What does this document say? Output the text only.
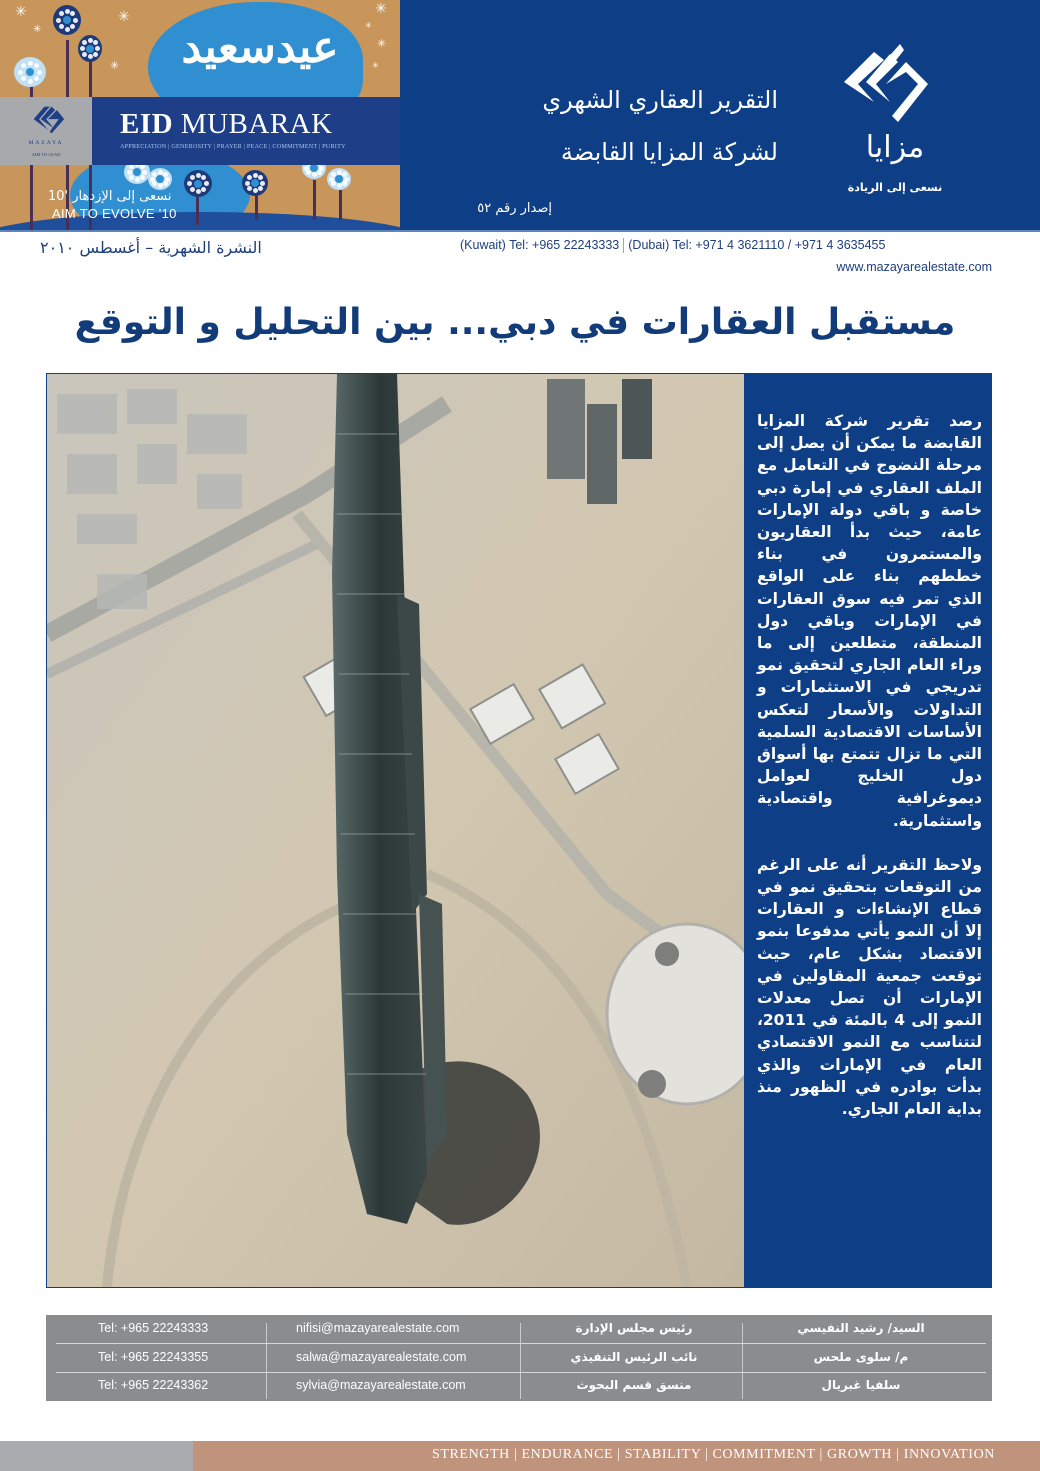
✳	✳
✳
✳
✳
✳
✳
✳
عيدسعيد
MAZAYA
AIM TO LEAD
EID MUBARAK
APPRECIATION | GENEROSITY | PRAYER | PEACE | COMMITMENT | PURITY
نسعى إلى الإزدهار '10
AIM TO EVOLVE '10
التقرير العقاري الشهري
لشركة المزايا القابضة
إصدار رقم ٥٢
مزايا
نسعى إلى الريادة
النشرة الشهرية – أغسطس ٢٠١٠	(Kuwait) Tel: +965 22243333 (Dubai) Tel: +971 4 3621110 / +971 4 3635455
www.mazayarealestate.com
مستقبل العقارات في دبي... بين التحليل و التوقع

رصد تقرير شركة المزايا القابضة ما يمكن أن يصل إلى مرحلة النضوج في التعامل مع الملف العقاري في إمارة دبي خاصة و باقي دولة الإمارات عامة، حيث بدأ العقاريون والمستمرون في بناء خططهم بناء على الواقع الذي تمر فيه سوق العقارات في الإمارات وباقي دول المنطقة، متطلعين إلى ما وراء العام الجاري لتحقيق نمو تدريجي في الاستثمارات و التداولات والأسعار لتعكس الأساسات الاقتصادية السلمية التي ما تزال تتمتع بها أسواق دول الخليج لعوامل ديموغرافية واقتصادية واستثمارية.

ولاحظ التقرير أنه على الرغم من التوقعات بتحقيق نمو في قطاع الإنشاءات و العقارات إلا أن النمو يأتي مدفوعا بنمو الاقتصاد بشكل عام، حيث توقعت جمعية المقاولين في الإمارات أن تصل معدلات النمو إلى 4 بالمئة في 2011، لتتناسب مع النمو الاقتصادي العام في الإمارات والذي بدأت بوادره في الظهور منذ بداية العام الجاري.

Tel: +965 22243333	nifisi@mazayarealestate.com	رئيس مجلس الإدارة	السيد/ رشيد النفيسي
Tel: +965 22243355	salwa@mazayarealestate.com	نائب الرئيس التنفيذي	م/ سلوى ملحس
Tel: +965 22243362	sylvia@mazayarealestate.com	منسق قسم البحوث	سلفيا غبريال
STRENGTH | ENDURANCE | STABILITY | COMMITMENT | GROWTH | INNOVATION
